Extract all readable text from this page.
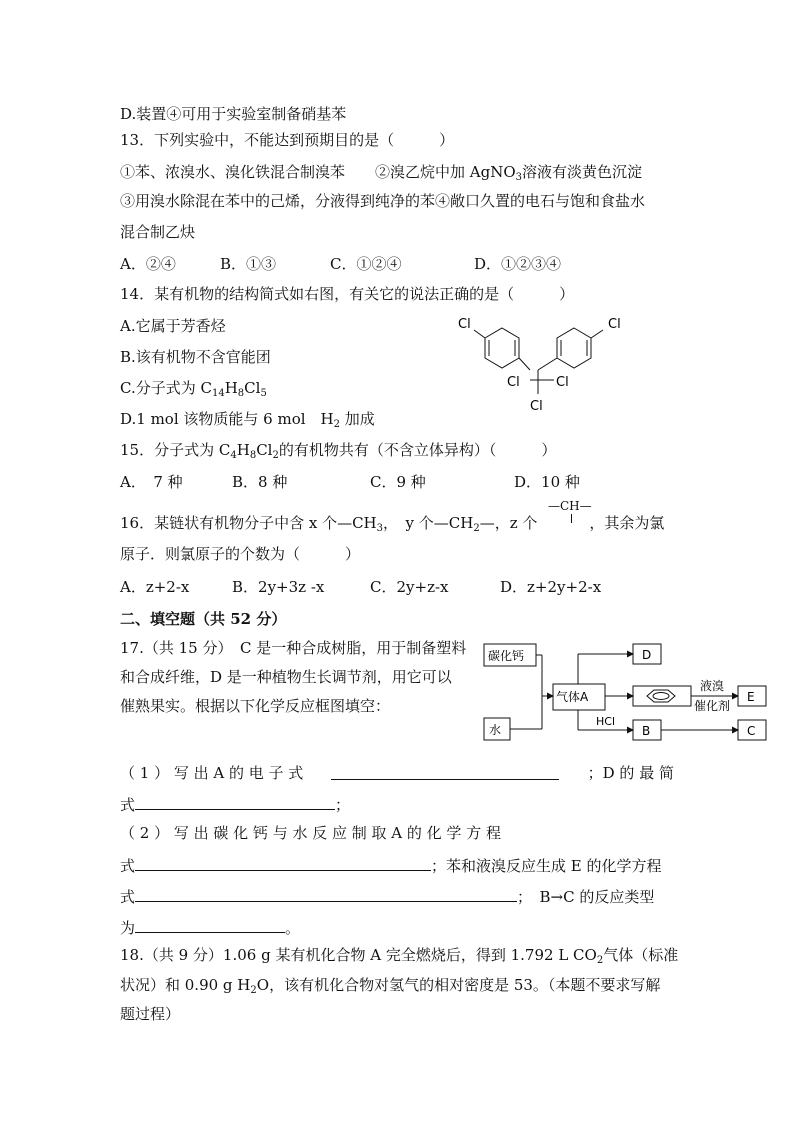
D.装置④可用于实验室制备硝基苯
13．下列实验中，不能达到预期目的是（　　　）
①苯、浓溴水、溴化铁混合制溴苯　　②溴乙烷中加 AgNO$_3$溶液有淡黄色沉淀
③用溴水除混在苯中的己烯，分液得到纯净的苯④敞口久置的电石与饱和食盐水
混合制乙炔
A．②④	B．①③	C．①②④	D．①②③④
14．某有机物的结构简式如右图，有关它的说法正确的是（　　　）
A.它属于芳香烃
B.该有机物不含官能团
C.分子式为 $C_{14}H_8Cl_5$
D.1 mol 该物质能与 6 mol　$H_2$ 加成
Cl	Cl
Cl	Cl
Cl
15．分子式为 $C_4H_8Cl_2$的有机物共有（不含立体异构）（　　　）
A．　7 种	B．8 种	C．9 种	D．10 种
16．某链状有机物分子中含 x 个$—CH_3$，　y 个$—CH_2—$，z 个	，其余为氯
—CH—
原子．则氯原子的个数为（　　　）
A．z+2-x	B．2y+3z -x	C．2y+z-x	D．z+2y+2-x
二、填空题（共 52 分）
17.（共 15 分）　C 是一种合成树脂，用于制备塑料
和合成纤维，D 是一种植物生长调节剂，用它可以
催熟果实。根据以下化学反应框图填空：
碳化钙
水
气体A
D
E
B	C
HCl
液溴
催化剂
（ 1 ） 写 出 A 的 电 子 式	；D 的 最 简
式	；
（ 2 ） 写 出 碳 化 钙 与 水 反 应 制 取 A 的 化 学 方 程
式	；苯和液溴反应生成 E 的化学方程
式	；　B→C 的反应类型
为	。
18.（共 9 分）1.06 g 某有机化合物 A 完全燃烧后，得到 1.792 L $CO_2$气体（标准
状况）和 0.90 g $H_2O$，该有机化合物对氢气的相对密度是 53。（本题不要求写解
题过程）
